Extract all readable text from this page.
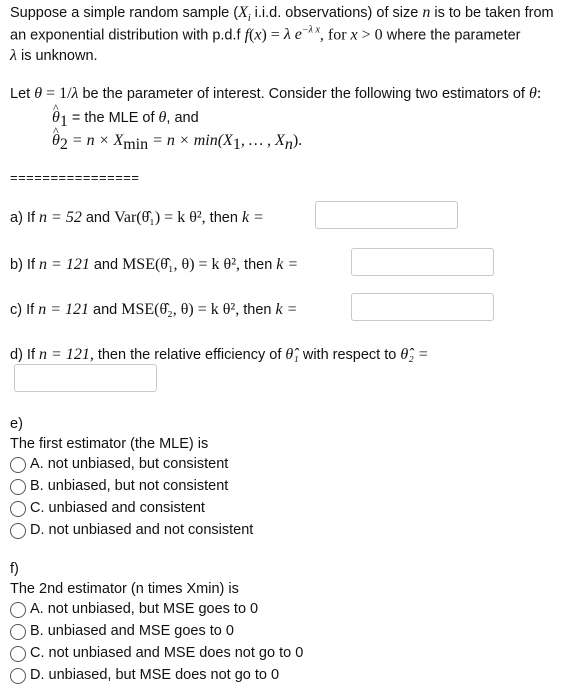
Suppose a simple random sample ($X_i$ i.i.d. observations) of size n is to be taken from
an exponential distribution with p.d.f f(x) = λ $e^{-\lambda x}$, for x > 0 where the parameter
λ is unknown.
Let θ = 1/λ be the parameter of interest. Consider the following two estimators of θ:
^ $\theta_1$ = the MLE of θ, and
^ $\theta_2 = n \times X_{min} = n \times \min(X_1$, … , $X_n$).
================
a) If n = 52 and Var(θ̂₁) = k θ², then k =
b) If n = 121 and MSE(θ̂₁, θ) = k θ², then k =
c) If n = 121 and MSE(θ̂₂, θ) = k θ², then k =
d) If n = 121, then the relative efficiency of θ̂₁ with respect to θ̂₂ =
e)
The first estimator (the MLE) is
A. not unbiased, but consistent
B. unbiased, but not consistent
C. unbiased and consistent
D. not unbiased and not consistent
f)
The 2nd estimator (n times Xmin) is
A. not unbiased, but MSE goes to 0
B. unbiased and MSE goes to 0
C. not unbiased and MSE does not go to 0
D. unbiased, but MSE does not go to 0
